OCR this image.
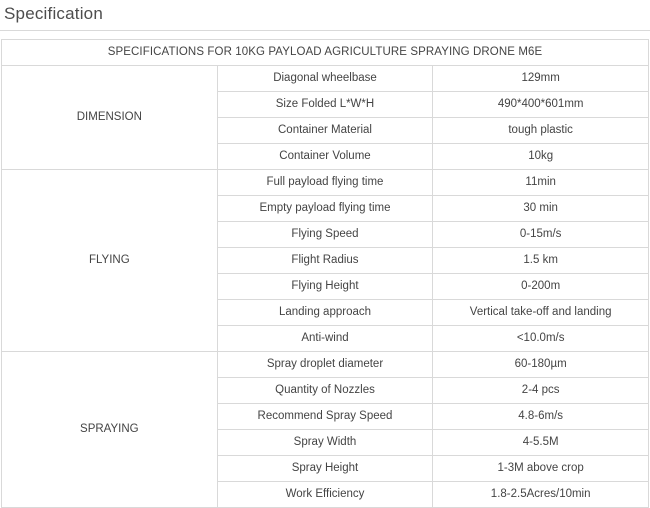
Specification
SPECIFICATIONS FOR 10KG PAYLOAD AGRICULTURE SPRAYING DRONE M6E		
DIMENSION	Diagonal wheelbase	129mm
	Size Folded L*W*H	490*400*601mm
	Container Material	tough plastic
	Container Volume	10kg
FLYING	Full payload flying time	11min
	Empty payload flying time	30 min
	Flying Speed	0-15m/s
	Flight Radius	1.5 km
	Flying Height	0-200m
	Landing approach	Vertical take-off and landing
	Anti-wind	<10.0m/s
SPRAYING	Spray droplet diameter	60-180µm
	Quantity of Nozzles	2-4 pcs
	Recommend Spray Speed	4.8-6m/s
	Spray Width	4-5.5M
	Spray Height	1-3M above crop
	Work Efficiency	1.8-2.5Acres/10min
